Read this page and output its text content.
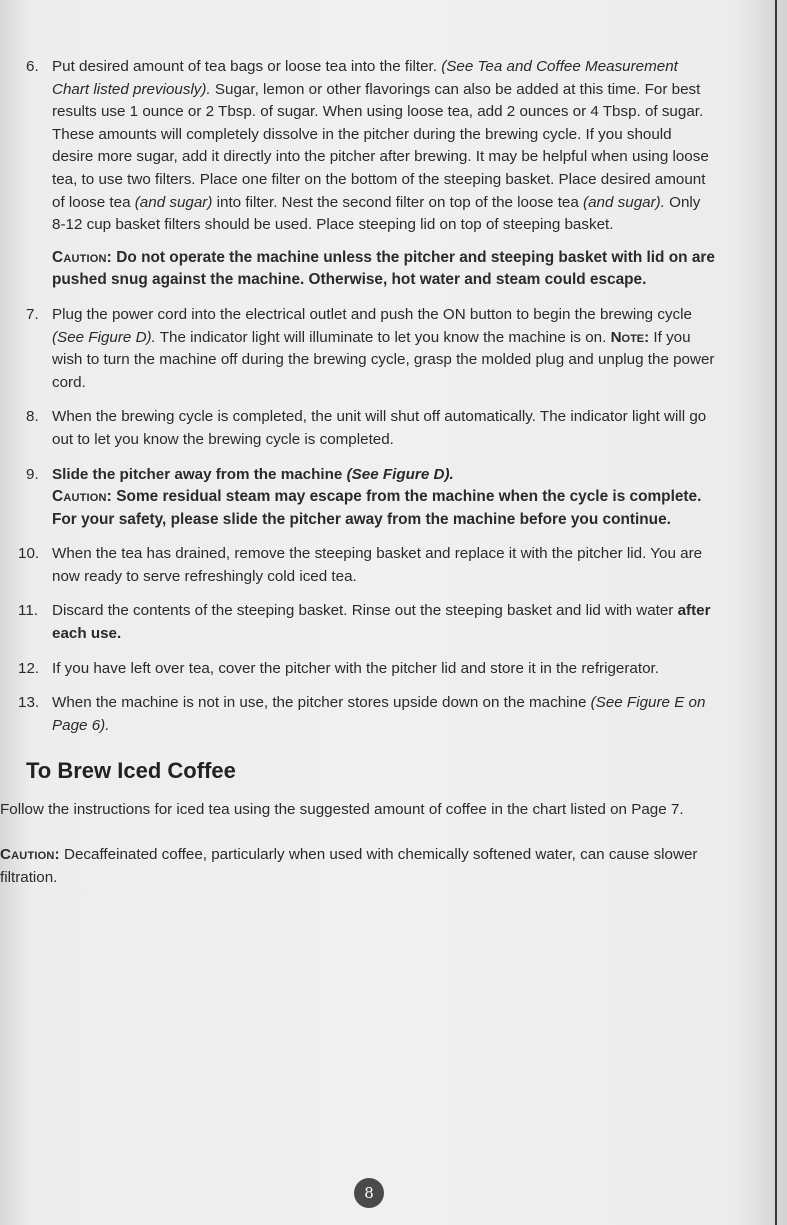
6. Put desired amount of tea bags or loose tea into the filter. (See Tea and Coffee Measurement Chart listed previously). Sugar, lemon or other flavorings can also be added at this time. For best results use 1 ounce or 2 Tbsp. of sugar. When using loose tea, add 2 ounces or 4 Tbsp. of sugar. These amounts will completely dissolve in the pitcher during the brewing cycle. If you should desire more sugar, add it directly into the pitcher after brewing. It may be helpful when using loose tea, to use two filters. Place one filter on the bottom of the steeping basket. Place desired amount of loose tea (and sugar) into filter. Nest the second filter on top of the loose tea (and sugar). Only 8-12 cup basket filters should be used. Place steeping lid on top of steeping basket.

Caution: Do not operate the machine unless the pitcher and steeping basket with lid on are pushed snug against the machine. Otherwise, hot water and steam could escape.

7. Plug the power cord into the electrical outlet and push the ON button to begin the brewing cycle (See Figure D). The indicator light will illuminate to let you know the machine is on. Note: If you wish to turn the machine off during the brewing cycle, grasp the molded plug and unplug the power cord.

8. When the brewing cycle is completed, the unit will shut off automatically. The indicator light will go out to let you know the brewing cycle is completed.

9. Slide the pitcher away from the machine (See Figure D).

Caution: Some residual steam may escape from the machine when the cycle is complete. For your safety, please slide the pitcher away from the machine before you continue.

10. When the tea has drained, remove the steeping basket and replace it with the pitcher lid. You are now ready to serve refreshingly cold iced tea.

11. Discard the contents of the steeping basket. Rinse out the steeping basket and lid with water after each use.

12. If you have left over tea, cover the pitcher with the pitcher lid and store it in the refrigerator.

13. When the machine is not in use, the pitcher stores upside down on the machine (See Figure E on Page 6).

To Brew Iced Coffee

Follow the instructions for iced tea using the suggested amount of coffee in the chart listed on Page 7.

Caution: Decaffeinated coffee, particularly when used with chemically softened water, can cause slower filtration.

8
